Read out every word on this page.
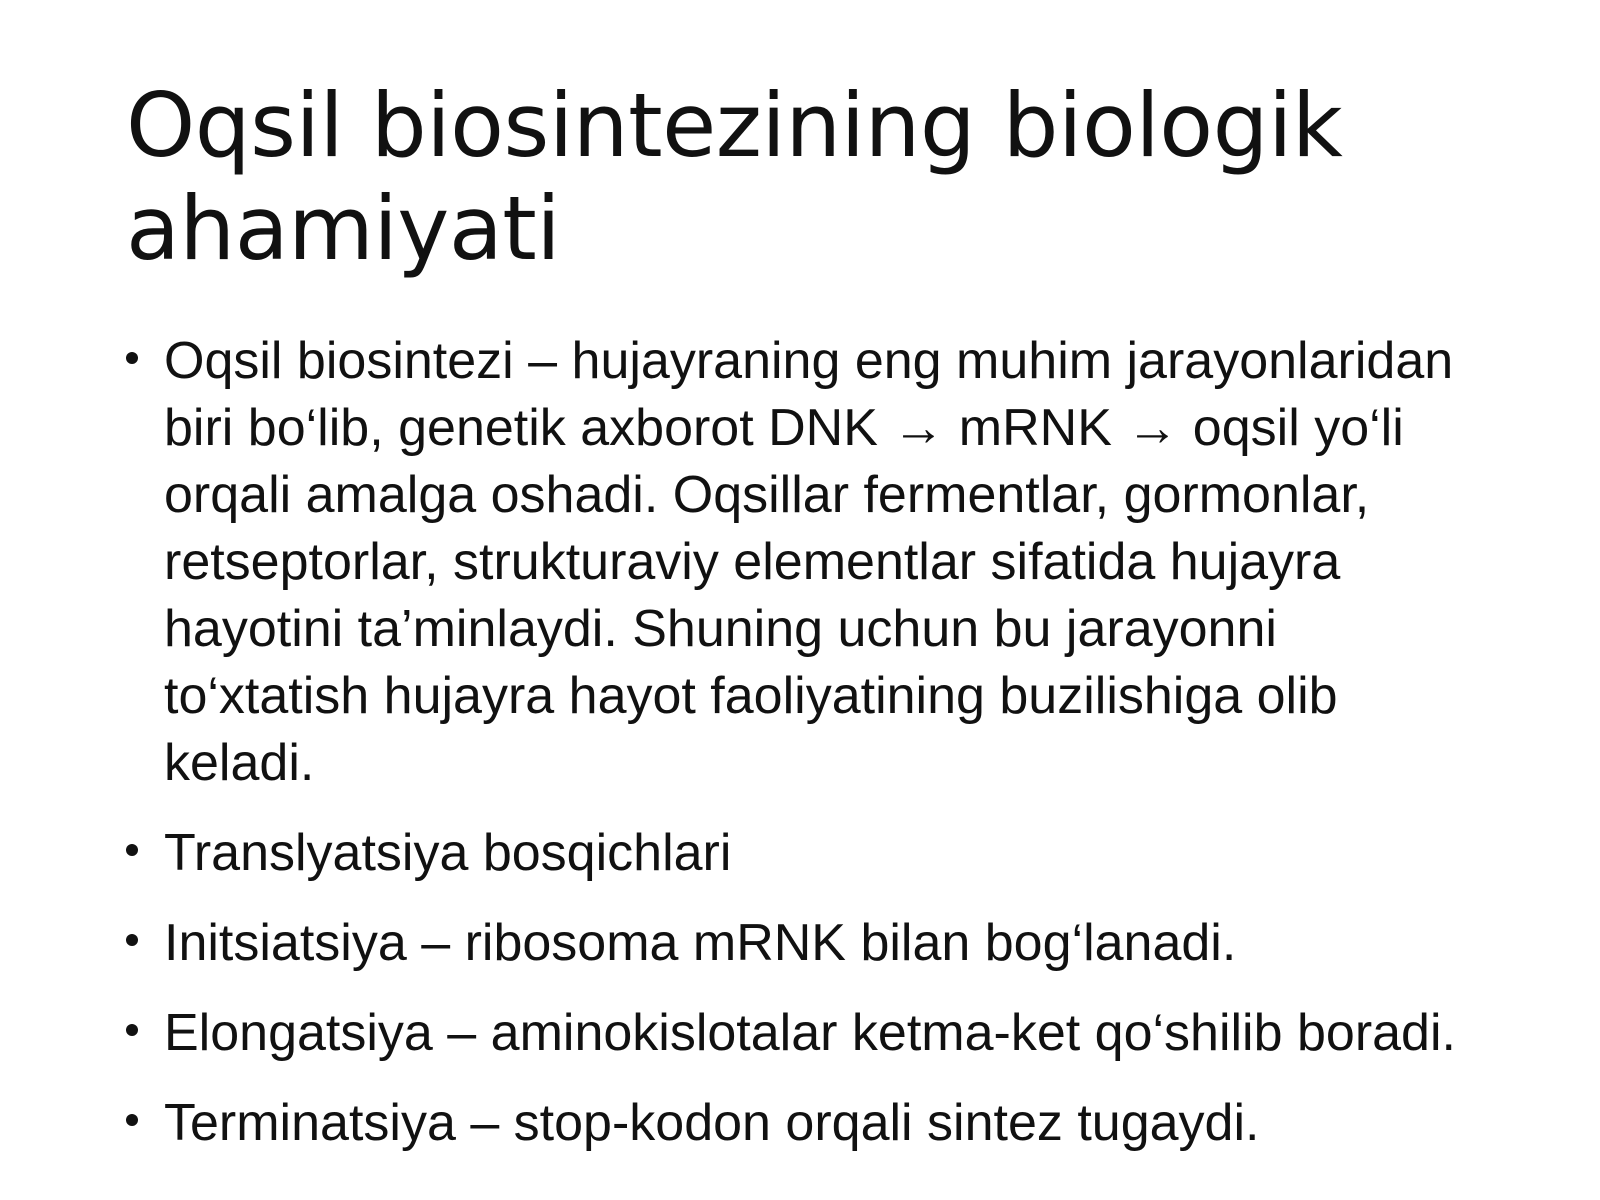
Oqsil biosintezining biologik ahamiyati
Oqsil biosintezi – hujayraning eng muhim jarayonlaridan biri bo‘lib, genetik axborot DNK → mRNK → oqsil yo‘li orqali amalga oshadi. Oqsillar fermentlar, gormonlar, retseptorlar, strukturaviy elementlar sifatida hujayra hayotini ta’minlaydi. Shuning uchun bu jarayonni to‘xtatish hujayra hayot faoliyatining buzilishiga olib keladi.
Translyatsiya bosqichlari
Initsiatsiya – ribosoma mRNK bilan bog‘lanadi.
Elongatsiya – aminokislotalar ketma-ket qo‘shilib boradi.
Terminatsiya – stop-kodon orqali sintez tugaydi.
